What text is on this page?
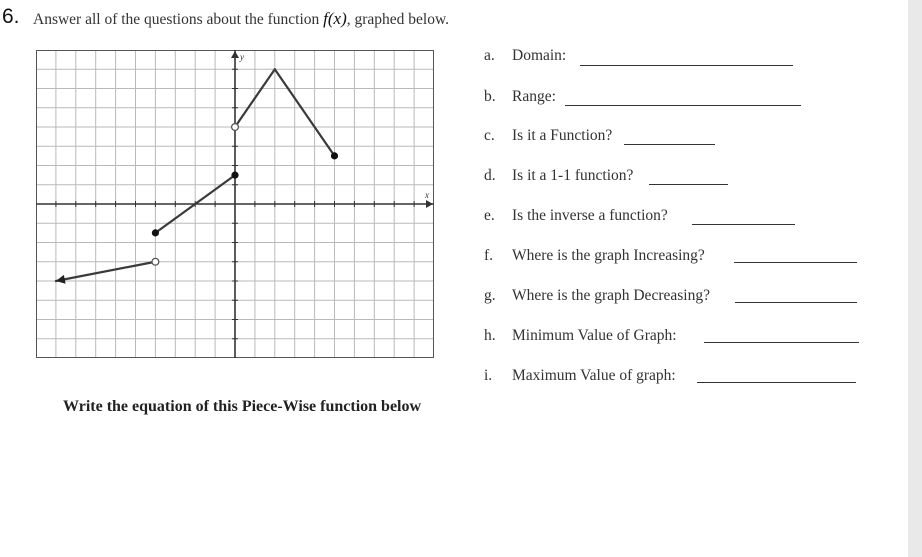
6. Answer all of the questions about the function f(x), graphed below.
x
y	a. Domain:
b. Range:
c. Is it a Function?
d. Is it a 1-1 function?
e. Is the inverse a function?
f. Where is the graph Increasing?
g. Where is the graph Decreasing?
h. Minimum Value of Graph:
i. Maximum Value of graph:
Write the equation of this Piece-Wise function below
